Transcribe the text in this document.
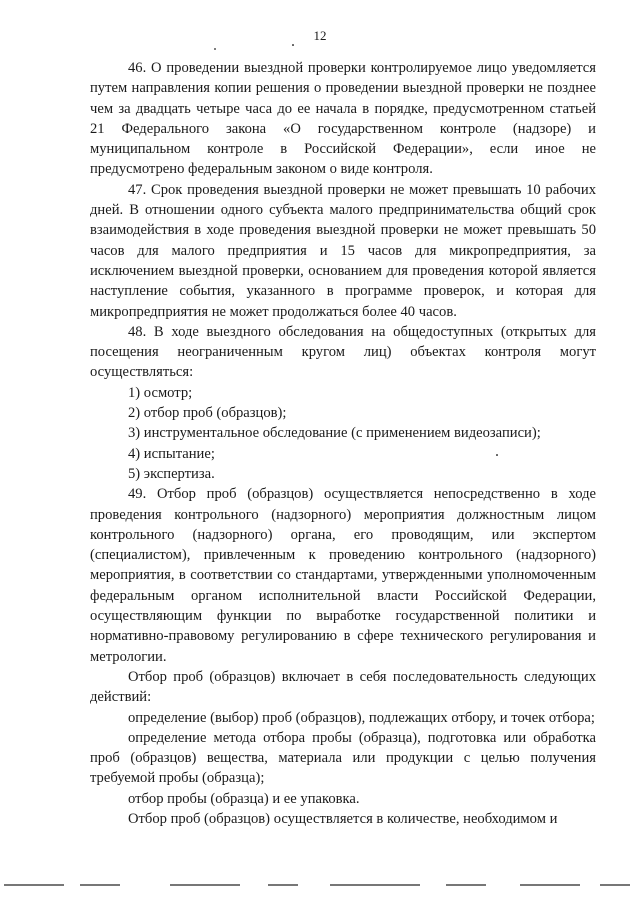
12

46. О проведении выездной проверки контролируемое лицо уведомляется путем направления копии решения о проведении выездной проверки не позднее чем за двадцать четыре часа до ее начала в порядке, предусмотренном статьей 21 Федерального закона «О государственном контроле (надзоре) и муниципальном контроле в Российской Федерации», если иное не предусмотрено федеральным законом о виде контроля.

47. Срок проведения выездной проверки не может превышать 10 рабочих дней. В отношении одного субъекта малого предпринимательства общий срок взаимодействия в ходе проведения выездной проверки не может превышать 50 часов для малого предприятия и 15 часов для микропредприятия, за исключением выездной проверки, основанием для проведения которой является наступление события, указанного в программе проверок, и которая для микропредприятия не может продолжаться более 40 часов.

48. В ходе выездного обследования на общедоступных (открытых для посещения неограниченным кругом лиц) объектах контроля могут осуществляться:

1) осмотр;

2) отбор проб (образцов);

3) инструментальное обследование (с применением видеозаписи);

4) испытание;

5) экспертиза.

49. Отбор проб (образцов) осуществляется непосредственно в ходе проведения контрольного (надзорного) мероприятия должностным лицом контрольного (надзорного) органа, его проводящим, или экспертом (специалистом), привлеченным к проведению контрольного (надзорного) мероприятия, в соответствии со стандартами, утвержденными уполномоченным федеральным органом исполнительной власти Российской Федерации, осуществляющим функции по выработке государственной политики и нормативно-правовому регулированию в сфере технического регулирования и метрологии.

Отбор проб (образцов) включает в себя последовательность следующих действий:

определение (выбор) проб (образцов), подлежащих отбору, и точек отбора;

определение метода отбора пробы (образца), подготовка или обработка проб (образцов) вещества, материала или продукции с целью получения требуемой пробы (образца);

отбор пробы (образца) и ее упаковка.

Отбор проб (образцов) осуществляется в количестве, необходимом и
